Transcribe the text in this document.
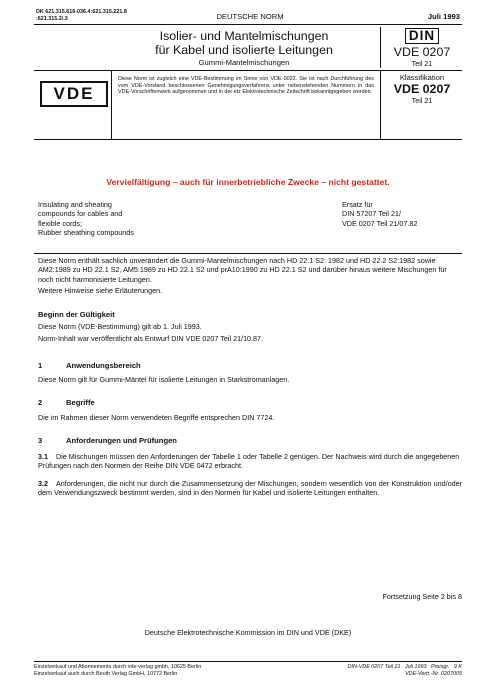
DK 621.315.616-036.4:621.315.221.8
:621.315.2/.3	DEUTSCHE NORM	Juli 1993
Isolier- und Mantelmischungen
für Kabel und isolierte Leitungen
Gummi-Mantelmischungen
DIN
VDE 0207
Teil 21
VDE
Diese Norm ist zugleich eine VDE-Bestimmung im Sinne von VDE 0022. Sie ist nach Durchführung des vom VDE-Vorstand beschlossenen Genehmigungsverfahrens unter nebenstehenden Nummern in das VDE-Vorschriftenwerk aufgenommen und in der etz Elektrotechnische Zeitschrift bekanntgegeben worden.
Klassifikation
VDE 0207
Teil 21
Vervielfältigung – auch für innerbetriebliche Zwecke – nicht gestattet.
Insulating and sheating
compounds for cables and
flexible cords;
Rubber sheathing compounds
Ersatz für
DIN 57207 Teil 21/
VDE 0207 Teil 21/07.82

Diese Norm enthält sachlich unverändert die Gummi-Mantelmischungen nach HD 22.1 S2: 1982 und HD 22.2 S2:1982 sowie AM2:1989 zu HD 22.1 S2, AM5:1989 zu HD 22.1 S2 und prA10:1990 zu HD 22.1 S2 und darüber hinaus weitere Mischungen für noch nicht harmonisierte Leitungen.

Weitere Hinweise siehe Erläuterungen.

Beginn der Gültigkeit

Diese Norm (VDE-Bestimmung) gilt ab 1. Juli 1993.

Norm-Inhalt war veröffentlicht als Entwurf DIN VDE 0207 Teil 21/10.87.

1	Anwendungsbereich

Diese Norm gilt für Gummi-Mäntel für isolierte Leitungen in Starkstromanlagen.

2	Begriffe

Die im Rahmen dieser Norm verwendeten Begriffe entsprechen DIN 7724.

3	Anforderungen und Prüfungen
3.1 Die Mischungen müssen den Anforderungen der Tabelle 1 oder Tabelle 2 genügen. Der Nachweis wird durch die angegebenen Prüfungen nach den Normen der Reihe DIN VDE 0472 erbracht.
3.2 Anforderungen, die nicht nur durch die Zusammensetzung der Mischungen, sondern wesentlich von der Konstruktion und/oder dem Verwendungszweck bestimmt werden, sind in den Normen für Kabel und isolierte Leitungen enthalten.
Fortsetzung Seite 2 bis 8
Deutsche Elektrotechnische Kommission im DIN und VDE (DKE)
Einzelverkauf und Abonnements durch vde-verlag gmbh, 10625 Berlin
Einzelverkauf auch durch Beuth Verlag GmbH, 10772 Berlin
DIN-VDE 0207 Teil 21   Juli 1993   Preisgr.   9 K
VDE-Vertr.-Nr. 0207005
